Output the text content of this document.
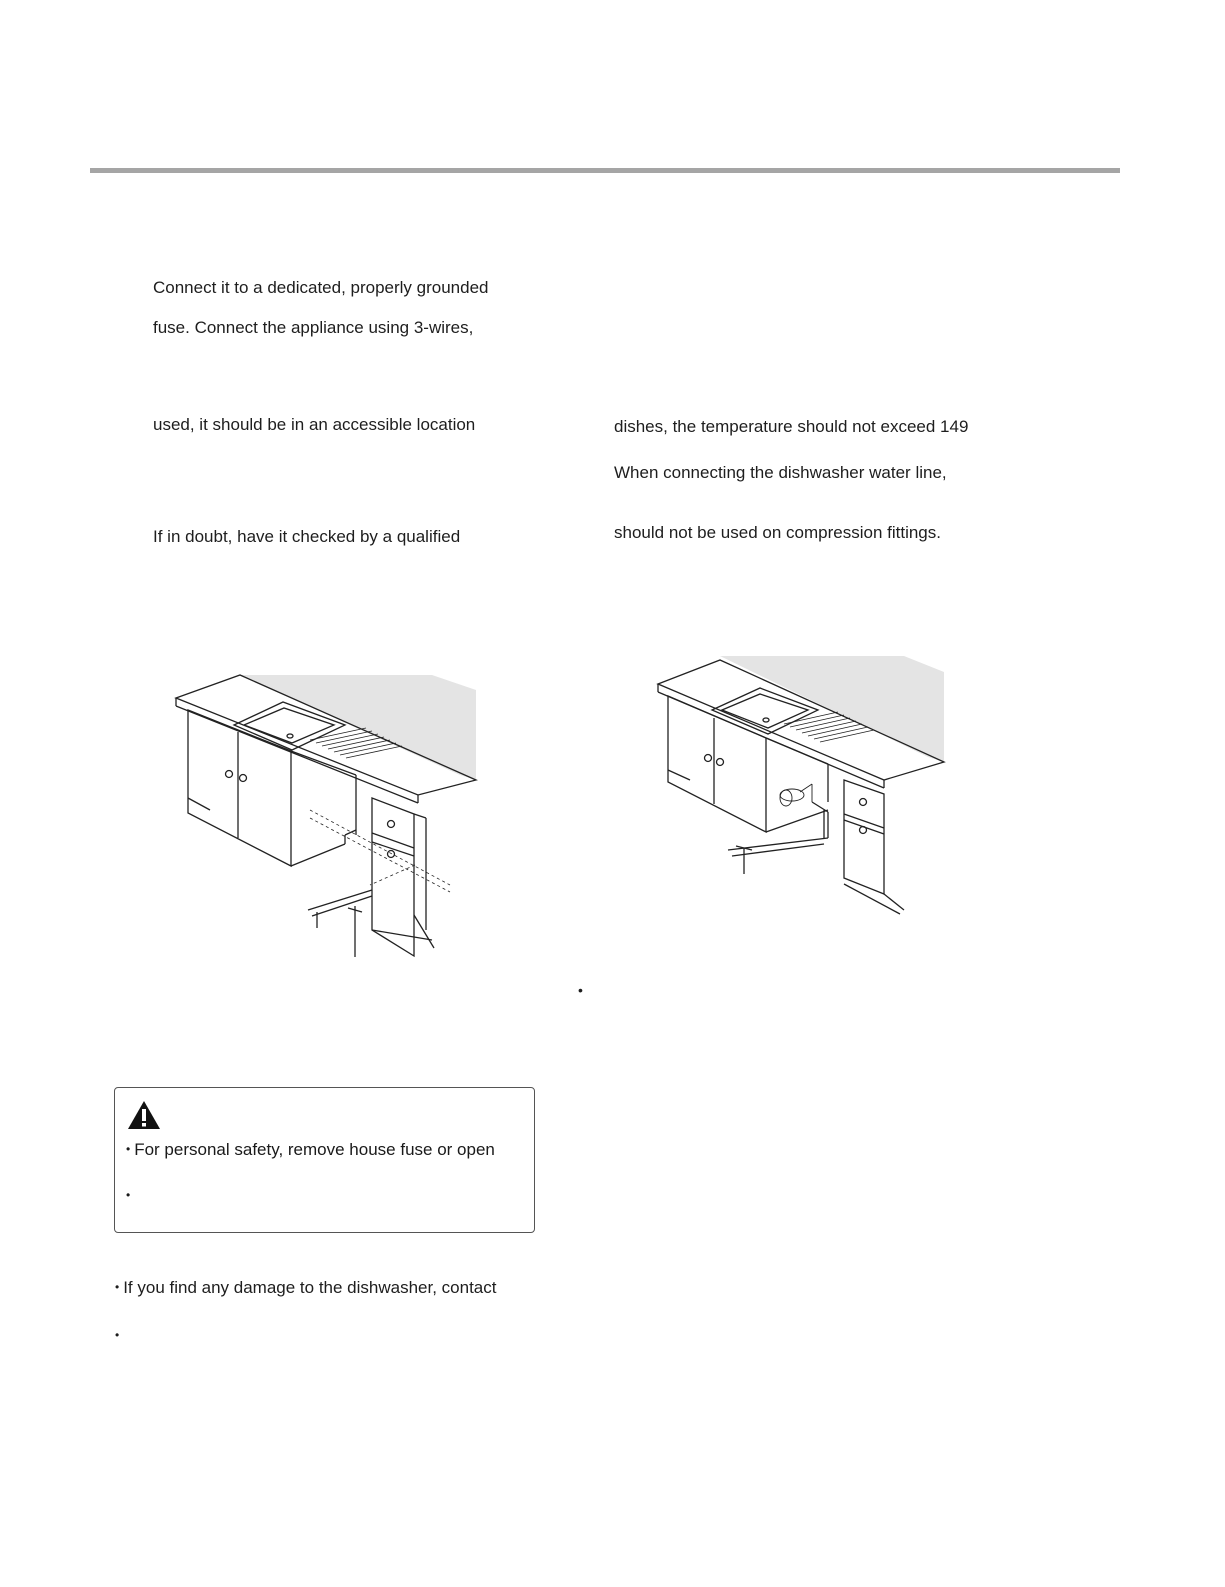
Connect it to a dedicated, properly grounded
fuse. Connect the appliance using 3-wires,
used, it should be in an accessible location
If in doubt, have it checked by a qualified
dishes, the temperature should not exceed 149
When connecting the dishwasher water line,
should not be used on compression fittings.
•
• For personal safety, remove house fuse or open
•
• If you find any damage to the dishwasher, contact
•
